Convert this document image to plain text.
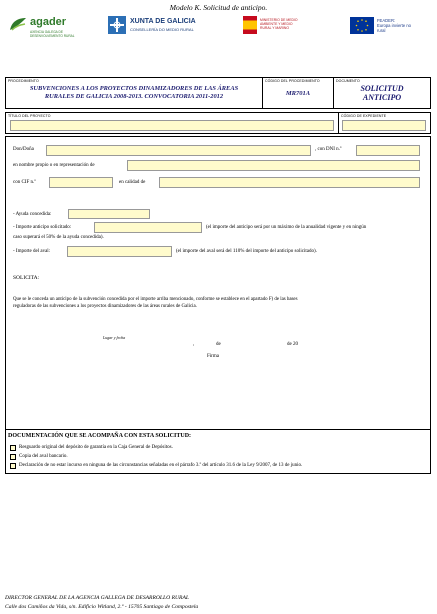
Modelo K. Solicitud de anticipo.
agader
AXENCIA GALEGA DE DESENVOLVEMENTO RURAL
XUNTA DE GALICIA
CONSELLERÍA DO MEDIO RURAL
MINISTERIO DE MEDIO AMBIENTE Y MEDIO RURAL Y MARINO
FEADER:
Europa invierte no rural
PROCEDIMIENTO
SUBVENCIONES A LOS PROYECTOS DINAMIZADORES DE LAS ÁREAS
RURALES DE GALICIA 2008-2013. CONVOCATORIA 2011-2012
CÓDIGO DEL PROCEDIMIENTO
MR701A
DOCUMENTO
SOLICITUD
ANTICIPO
TÍTULO DEL PROYECTO	CÓDIGO DE EXPEDIENTE
Don/Doña	, con DNI n.º
en nombre propio o en representación de
con CIF n.º	en calidad de
- Ayuda concedida:
- Importe anticipo solicitado:	(el importe del anticipo será por un máximo de la anualidad vigente y en ningún
caso superará el 50% de la ayuda concedida).
- Importe del aval:	(el importe del aval será del 110% del importe del anticipo solicitado).
SOLICITA:
Que se le conceda un anticipo de la subvención concedida por el importe arriba mencionado, conforme se establece en el apartado F) de las bases
reguladoras de las subvenciones a los proyectos dinamizadores de las áreas rurales de Galicia.
Lugar y fecha
,	de	de 20
Firma
DOCUMENTACIÓN QUE SE ACOMPAÑA CON ESTA SOLICITUD:
Resguardo original del depósito de garantía en la Caja General de Depósitos.
Copia del aval bancario.
Declaración de no estar incurso en ninguna de las circunstancias señaladas en el párrafo 3.º del artículo 31.6 de la Ley 9/2007, de 13 de junio.
DIRECTOR GENERAL DE LA AGENCIA GALLEGA DE DESARROLLO RURAL
Calle dos Camiños da Vida, s/n. Edificio Witland, 2.º - 15705 Santiago de Compostela
